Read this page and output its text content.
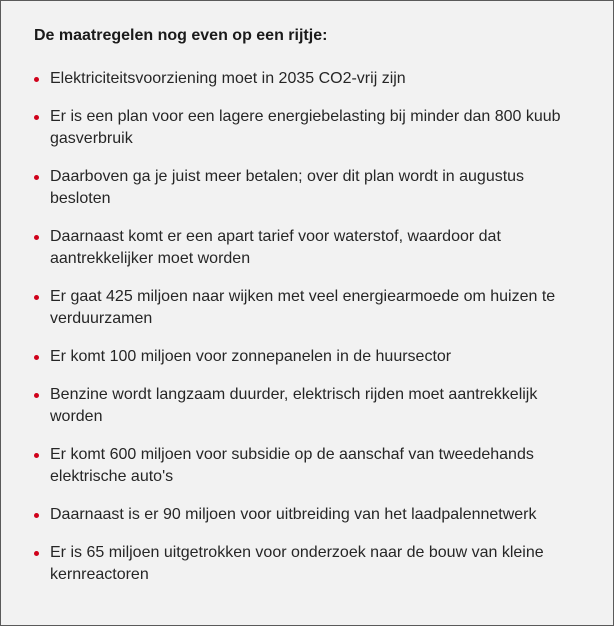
De maatregelen nog even op een rijtje:
Elektriciteitsvoorziening moet in 2035 CO2-vrij zijn
Er is een plan voor een lagere energiebelasting bij minder dan 800 kuub gasverbruik
Daarboven ga je juist meer betalen; over dit plan wordt in augustus besloten
Daarnaast komt er een apart tarief voor waterstof, waardoor dat aantrekkelijker moet worden
Er gaat 425 miljoen naar wijken met veel energiearmoede om huizen te verduurzamen
Er komt 100 miljoen voor zonnepanelen in de huursector
Benzine wordt langzaam duurder, elektrisch rijden moet aantrekkelijk worden
Er komt 600 miljoen voor subsidie op de aanschaf van tweedehands elektrische auto's
Daarnaast is er 90 miljoen voor uitbreiding van het laadpalennetwerk
Er is 65 miljoen uitgetrokken voor onderzoek naar de bouw van kleine kernreactoren
